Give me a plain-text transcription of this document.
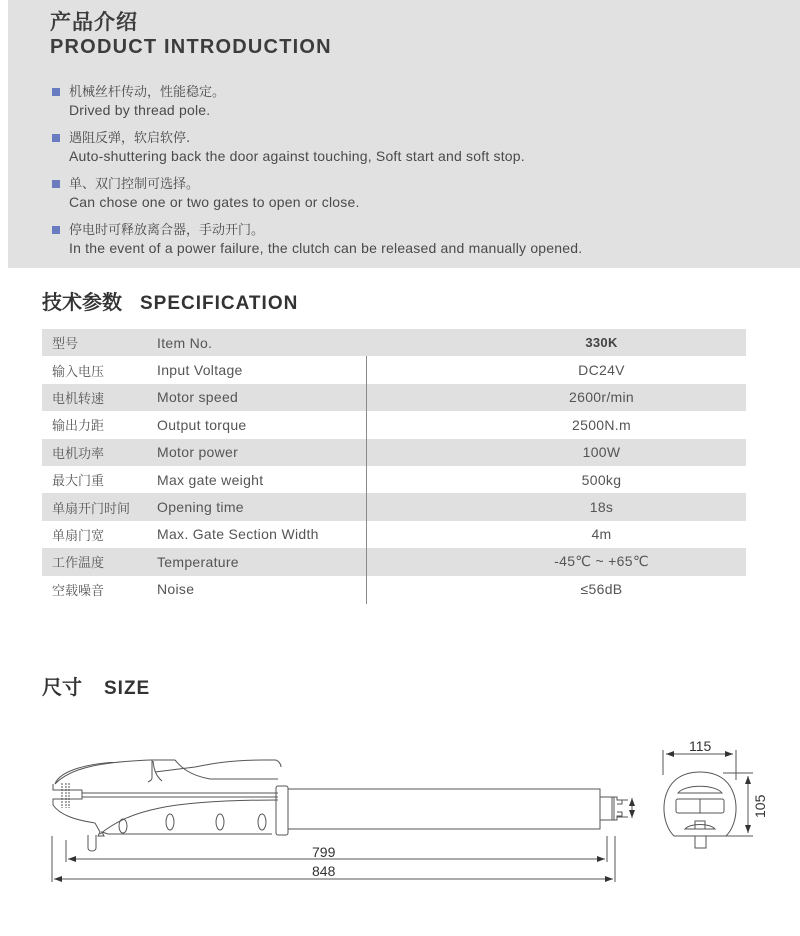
产品介绍
PRODUCT INTRODUCTION
机械丝杆传动，性能稳定。
Drived by thread pole.
遇阻反弹，软启软停.
Auto-shuttering back the door against touching, Soft start and soft stop.
单、双门控制可选择。
Can chose one or two gates to open or close.
停电时可释放离合器，手动开门。
In the event of a power failure, the clutch can be released and manually opened.
技术参数 SPECIFICATION
型号	Item No.	330K
输入电压	Input Voltage	DC24V
电机转速	Motor speed	2600r/min
输出力距	Output torque	2500N.m
电机功率	Motor power	100W
最大门重	Max gate weight	500kg
单扇开门时间	Opening time	18s
单扇门宽	Max. Gate Section Width	4m
工作温度	Temperature	-45℃ ~ +65℃
空载噪音	Noise	≤56dB
尺寸 SIZE
799
848
115
105
